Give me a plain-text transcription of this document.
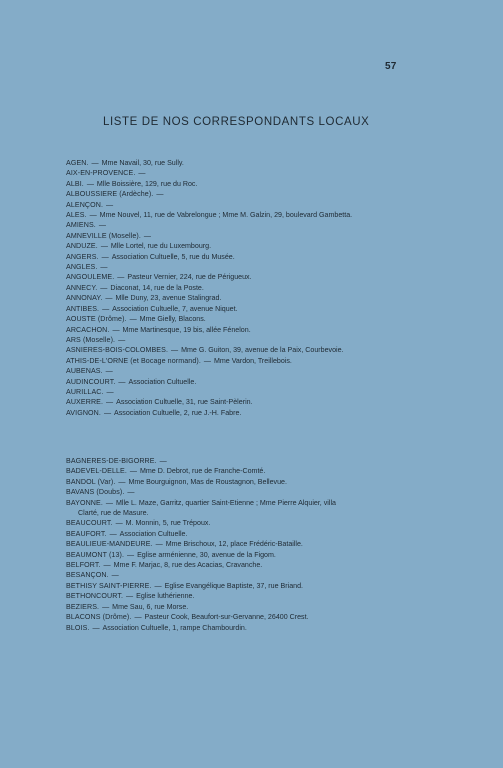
57
LISTE DE NOS CORRESPONDANTS LOCAUX
AGEN. — Mme Navail, 30, rue Sully.
AIX-EN-PROVENCE. —
ALBI. — Mlle Boissière, 129, rue du Roc.
ALBOUSSIERE (Ardèche). —
ALENÇON. —
ALES. — Mme Nouvel, 11, rue de Vabrelongue ; Mme M. Galzin, 29, boulevard Gambetta.
AMIENS. —
AMNEVILLE (Moselle). —
ANDUZE. — Mlle Lortel, rue du Luxembourg.
ANGERS. — Association Cultuelle, 5, rue du Musée.
ANGLES. —
ANGOULEME. — Pasteur Vernier, 224, rue de Périgueux.
ANNECY. — Diaconat, 14, rue de la Poste.
ANNONAY. — Mlle Duny, 23, avenue Stalingrad.
ANTIBES. — Association Cultuelle, 7, avenue Niquet.
AOUSTE (Drôme). — Mme Gielly, Blacons.
ARCACHON. — Mme Martinesque, 19 bis, allée Fénelon.
ARS (Moselle). —
ASNIERES-BOIS-COLOMBES. — Mme G. Guiton, 39, avenue de la Paix, Courbevoie.
ATHIS-DE-L'ORNE (et Bocage normand). — Mme Vardon, Treillebois.
AUBENAS. —
AUDINCOURT. — Association Cultuelle.
AURILLAC. —
AUXERRE. — Association Cultuelle, 31, rue Saint-Pèlerin.
AVIGNON. — Association Cultuelle, 2, rue J.-H. Fabre.
BAGNERES-DE-BIGORRE. —
BADEVEL-DELLE. — Mme D. Debrot, rue de Franche-Comté.
BANDOL (Var). — Mme Bourguignon, Mas de Roustagnon, Bellevue.
BAVANS (Doubs). —
BAYONNE. — Mlle L. Maze, Garritz, quartier Saint-Etienne ; Mme Pierre Alquier, villa
Clarté, rue de Masure.
BEAUCOURT. — M. Monnin, 5, rue Trépoux.
BEAUFORT. — Association Cultuelle.
BEAULIEUE-MANDEURE. — Mme Brischoux, 12, place Frédéric-Bataille.
BEAUMONT (13). — Eglise arménienne, 30, avenue de la Figom.
BELFORT. — Mme F. Marjac, 8, rue des Acacias, Cravanche.
BESANÇON. —
BETHISY SAINT-PIERRE. — Eglise Evangélique Baptiste, 37, rue Briand.
BETHONCOURT. — Eglise luthérienne.
BEZIERS. — Mme Sau, 6, rue Morse.
BLACONS (Drôme). — Pasteur Cook, Beaufort-sur-Gervanne, 26400 Crest.
BLOIS. — Association Cultuelle, 1, rampe Chambourdin.
